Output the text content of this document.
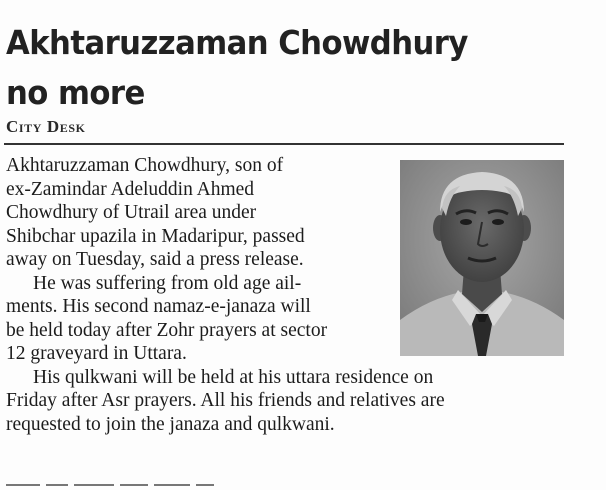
Akhtaruzzaman Chowdhury
no more
City Desk
Akhtaruzzaman Chowdhury, son of
ex-Zamindar Adeluddin Ahmed
Chowdhury of Utrail area under
Shibchar upazila in Madaripur, passed
away on Tuesday, said a press release.
He was suffering from old age ail-
ments. His second namaz-e-janaza will
be held today after Zohr prayers at sector
12 graveyard in Uttara.
His qulkwani will be held at his uttara residence on
Friday after Asr prayers. All his friends and relatives are
requested to join the janaza and qulkwani.
